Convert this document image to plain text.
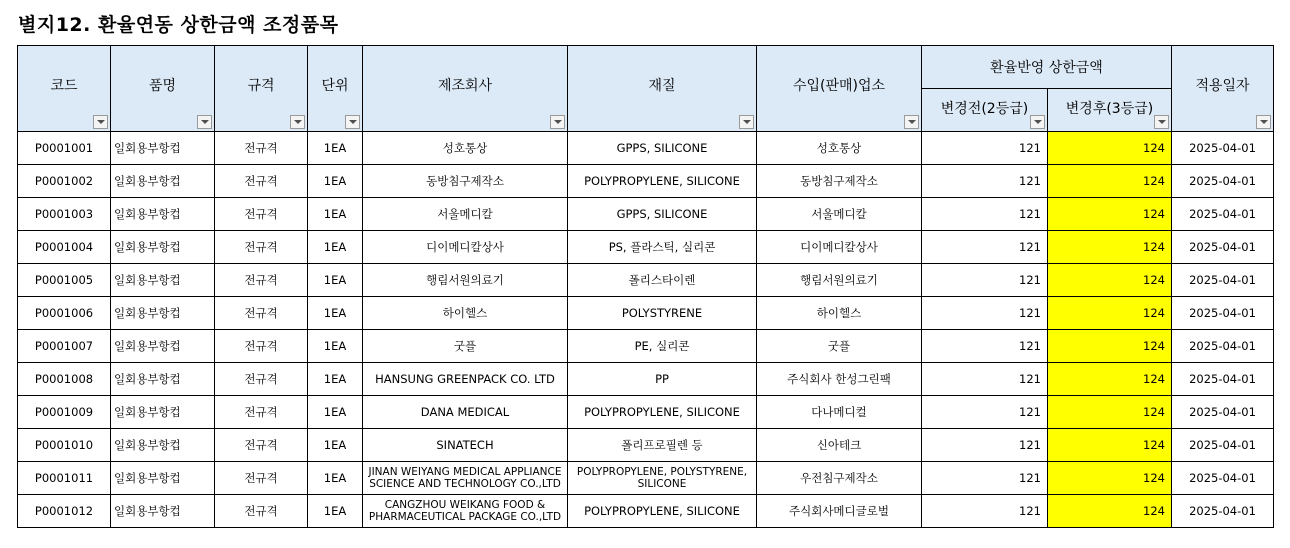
별지12. 환율연동 상한금액 조정품목
코드	품명	규격	단위	제조회사	재질	수입(판매)업소	환율반영 상한금액		적용일자

							변경전(2등급)	변경후(3등급)	

P0001001	일회용부항컵	전규격	1EA	성호통상	GPPS, SILICONE	성호통상	121	124	2025-04-01
P0001002	일회용부항컵	전규격	1EA	동방침구제작소	POLYPROPYLENE, SILICONE	동방침구제작소	121	124	2025-04-01
P0001003	일회용부항컵	전규격	1EA	서울메디칼	GPPS, SILICONE	서울메디칼	121	124	2025-04-01
P0001004	일회용부항컵	전규격	1EA	디이메디칼상사	PS, 플라스틱, 실리콘	디이메디칼상사	121	124	2025-04-01
P0001005	일회용부항컵	전규격	1EA	행림서원의료기	폴리스타이렌	행림서원의료기	121	124	2025-04-01
P0001006	일회용부항컵	전규격	1EA	하이헬스	POLYSTYRENE	하이헬스	121	124	2025-04-01
P0001007	일회용부항컵	전규격	1EA	굿플	PE, 실리콘	굿플	121	124	2025-04-01
P0001008	일회용부항컵	전규격	1EA	HANSUNG GREENPACK CO. LTD	PP	주식회사 한성그린팩	121	124	2025-04-01
P0001009	일회용부항컵	전규격	1EA	DANA MEDICAL	POLYPROPYLENE, SILICONE	다나메디컬	121	124	2025-04-01
P0001010	일회용부항컵	전규격	1EA	SINATECH	폴리프로필렌 등	신아테크	121	124	2025-04-01
P0001011	일회용부항컵	전규격	1EA	JINAN WEIYANG MEDICAL APPLIANCE SCIENCE AND TECHNOLOGY CO.,LTD	POLYPROPYLENE, POLYSTYRENE, SILICONE	우전침구제작소	121	124	2025-04-01
P0001012	일회용부항컵	전규격	1EA	CANGZHOU WEIKANG FOOD & PHARMACEUTICAL PACKAGE CO.,LTD	POLYPROPYLENE, SILICONE	주식회사메디글로벌	121	124	2025-04-01
